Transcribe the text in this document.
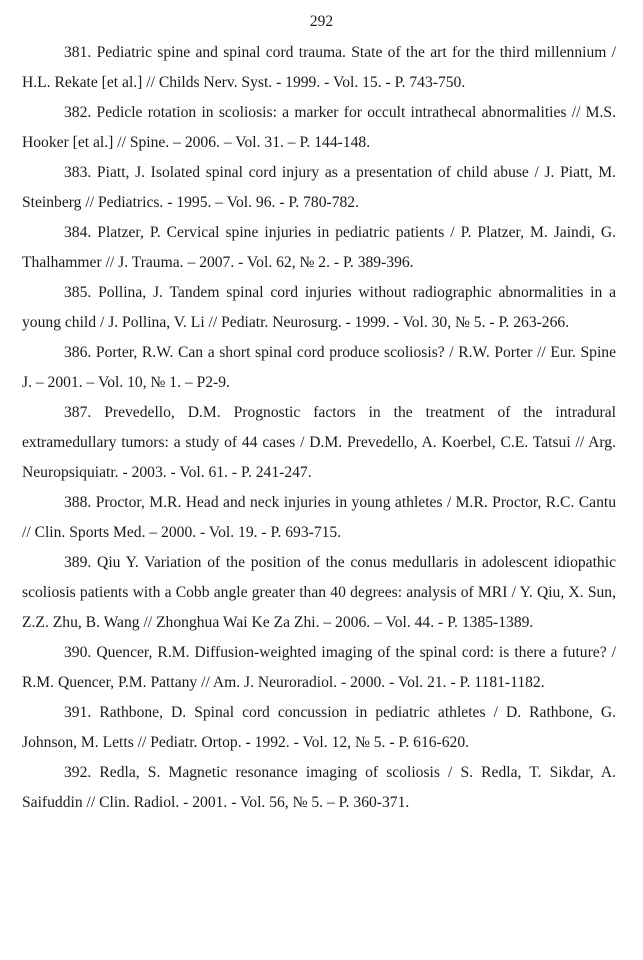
292

381. Pediatric spine and spinal cord trauma. State of the art for the third millennium / H.L. Rekate [et al.] // Childs Nerv. Syst. - 1999. - Vol. 15. - P. 743-750.

382. Pedicle rotation in scoliosis: a marker for occult intrathecal abnormalities // M.S. Hooker [et al.] // Spine. – 2006. – Vol. 31. – P. 144-148.

383. Piatt, J. Isolated spinal cord injury as a presentation of child abuse / J. Piatt, M. Steinberg // Pediatrics. - 1995. – Vol. 96. - P. 780-782.

384. Platzer, P. Cervical spine injuries in pediatric patients / P. Platzer, M. Jaindi, G. Thalhammer // J. Trauma. – 2007. - Vol. 62, № 2. - P. 389-396.

385. Pollina, J. Tandem spinal cord injuries without radiographic abnormalities in a young child / J. Pollina, V. Li // Pediatr. Neurosurg. - 1999. - Vol. 30, № 5. - P. 263-266.

386. Porter, R.W. Can a short spinal cord produce scoliosis? / R.W. Porter // Eur. Spine J. – 2001. – Vol. 10, № 1. – P2-9.

387. Prevedello, D.M. Prognostic factors in the treatment of the intradural extramedullary tumors: a study of 44 cases / D.M. Prevedello, A. Koerbel, C.E. Tatsui // Arg. Neuropsiquiatr. - 2003. - Vol. 61. - P. 241-247.

388. Proctor, M.R. Head and neck injuries in young athletes / M.R. Proctor, R.C. Cantu // Clin. Sports Med. – 2000. - Vol. 19. - P. 693-715.

389. Qiu Y. Variation of the position of the conus medullaris in adolescent idiopathic scoliosis patients with a Cobb angle greater than 40 degrees: analysis of MRI / Y. Qiu, X. Sun, Z.Z. Zhu, B. Wang // Zhonghua Wai Ke Za Zhi. – 2006. – Vol. 44. - P. 1385-1389.

390. Quencer, R.M. Diffusion-weighted imaging of the spinal cord: is there a future? / R.M. Quencer, P.M. Pattany // Am. J. Neuroradiol. - 2000. - Vol. 21. - P. 1181-1182.

391. Rathbone, D. Spinal cord concussion in pediatric athletes / D. Rathbone, G. Johnson, M. Letts // Pediatr. Ortop. - 1992. - Vol. 12, № 5. - P. 616-620.

392. Redla, S. Magnetic resonance imaging of scoliosis / S. Redla, T. Sikdar, A. Saifuddin // Clin. Radiol. - 2001. - Vol. 56, № 5. – P. 360-371.
